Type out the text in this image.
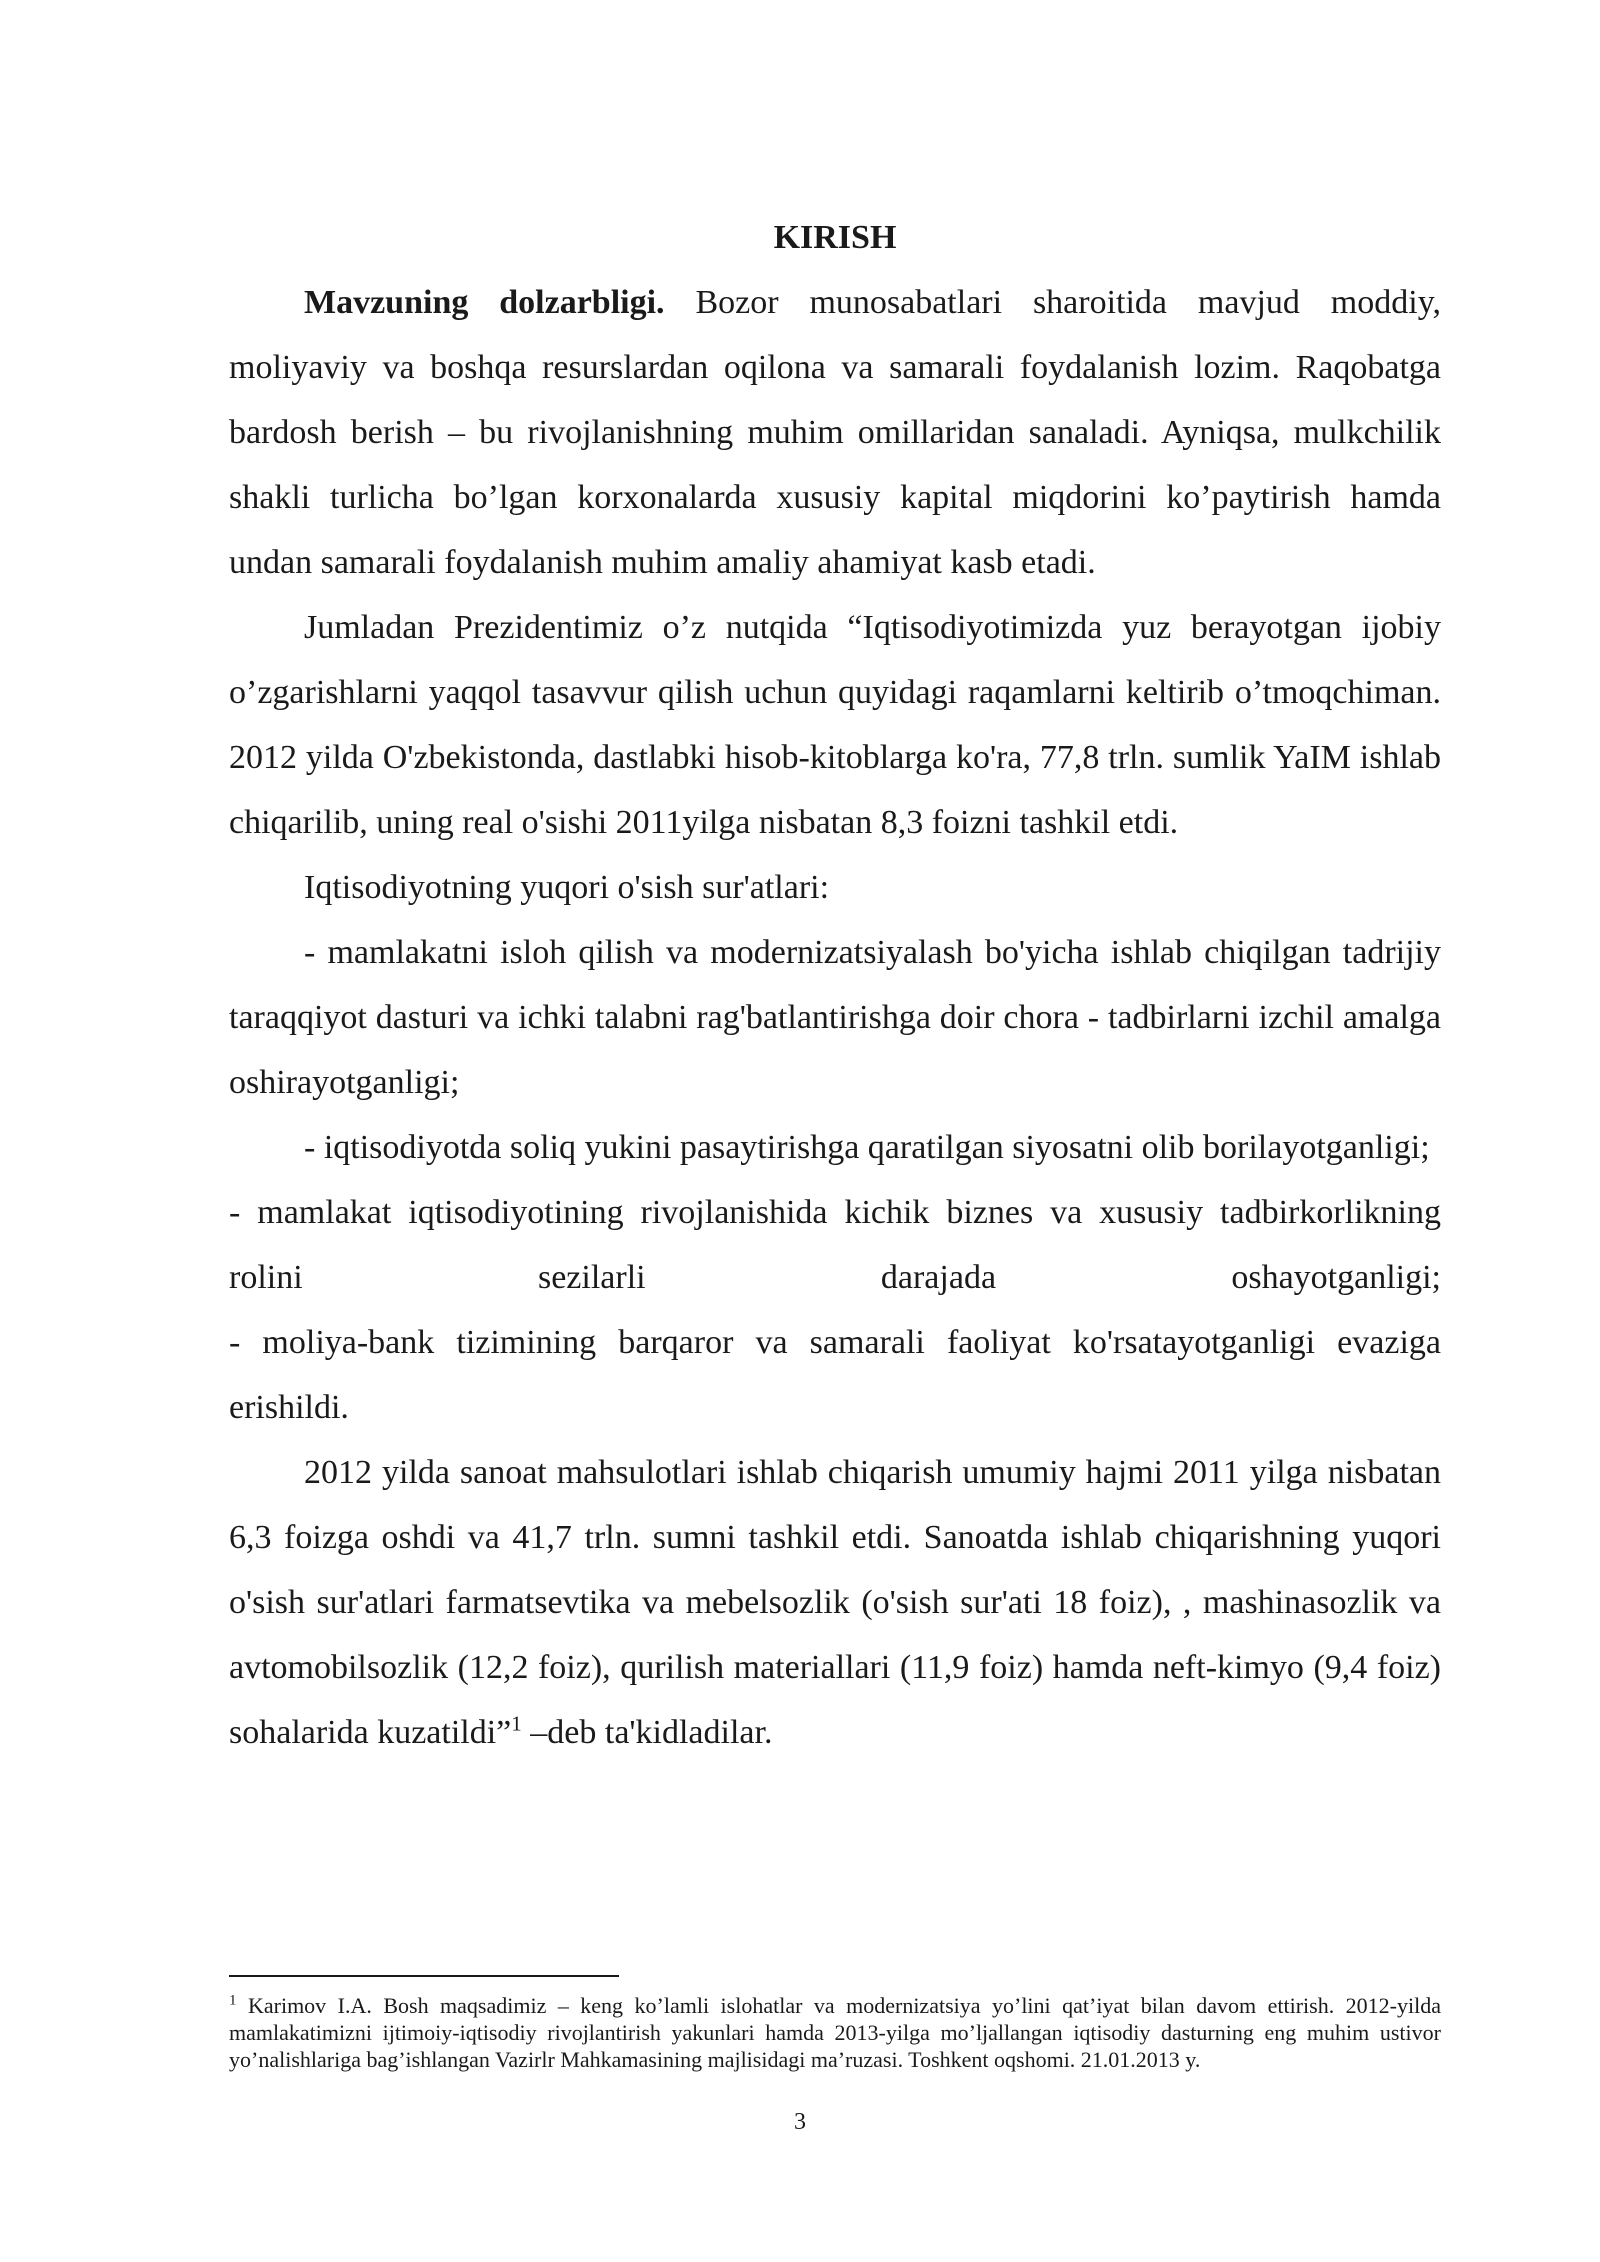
KIRISH

Mavzuning dolzarbligi. Bozor munosabatlari sharoitida mavjud moddiy, moliyaviy va boshqa resurslardan oqilona va samarali foydalanish lozim. Raqobatga bardosh berish – bu rivojlanishning muhim omillaridan sanaladi. Ayniqsa, mulkchilik shakli turlicha bo’lgan korxonalarda xususiy kapital miqdorini ko’paytirish hamda undan samarali foydalanish muhim amaliy ahamiyat kasb etadi.

Jumladan Prezidentimiz o’z nutqida “Iqtisodiyotimizda yuz berayotgan ijobiy o’zgarishlarni yaqqol tasavvur qilish uchun quyidagi raqamlarni keltirib o’tmoqchiman. 2012 yilda O'zbekistonda, dastlabki hisob-kitoblarga ko'ra, 77,8 trln. sumlik YaIM ishlab chiqarilib, uning real o'sishi 2011yilga nisbatan 8,3 foizni tashkil etdi.

Iqtisodiyotning yuqori o'sish sur'atlari:

- mamlakatni isloh qilish va modernizatsiyalash bo'yicha ishlab chiqilgan tadrijiy taraqqiyot dasturi va ichki talabni rag'batlantirishga doir chora - tadbirlarni izchil amalga oshirayotganligi;

- iqtisodiyotda soliq yukini pasaytirishga qaratilgan siyosatni olib borilayotganligi;

- mamlakat iqtisodiyotining rivojlanishida kichik biznes va xususiy tadbirkorlikning rolini sezilarli darajada oshayotganligi;

- moliya-bank tizimining barqaror va samarali faoliyat ko'rsatayotganligi evaziga erishildi.

2012 yilda sanoat mahsulotlari ishlab chiqarish umumiy hajmi 2011 yilga nisbatan 6,3 foizga oshdi va 41,7 trln. sumni tashkil etdi. Sanoatda ishlab chiqarishning yuqori o'sish sur'atlari farmatsevtika va mebelsozlik (o'sish sur'ati 18 foiz), , mashinasozlik va avtomobilsozlik (12,2 foiz), qurilish materiallari (11,9 foiz) hamda neft-kimyo (9,4 foiz) sohalarida kuzatildi”$^1$ –deb ta'kidladilar.

$^1$ Karimov I.A. Bosh maqsadimiz – keng ko’lamli islohatlar va modernizatsiya yo’lini qat’iyat bilan davom ettirish. 2012-yilda mamlakatimizni ijtimoiy-iqtisodiy rivojlantirish yakunlari hamda 2013-yilga mo’ljallangan iqtisodiy dasturning eng muhim ustivor yo’nalishlariga bag’ishlangan Vazirlr Mahkamasining majlisidagi ma’ruzasi. Toshkent oqshomi. 21.01.2013 y.

3
